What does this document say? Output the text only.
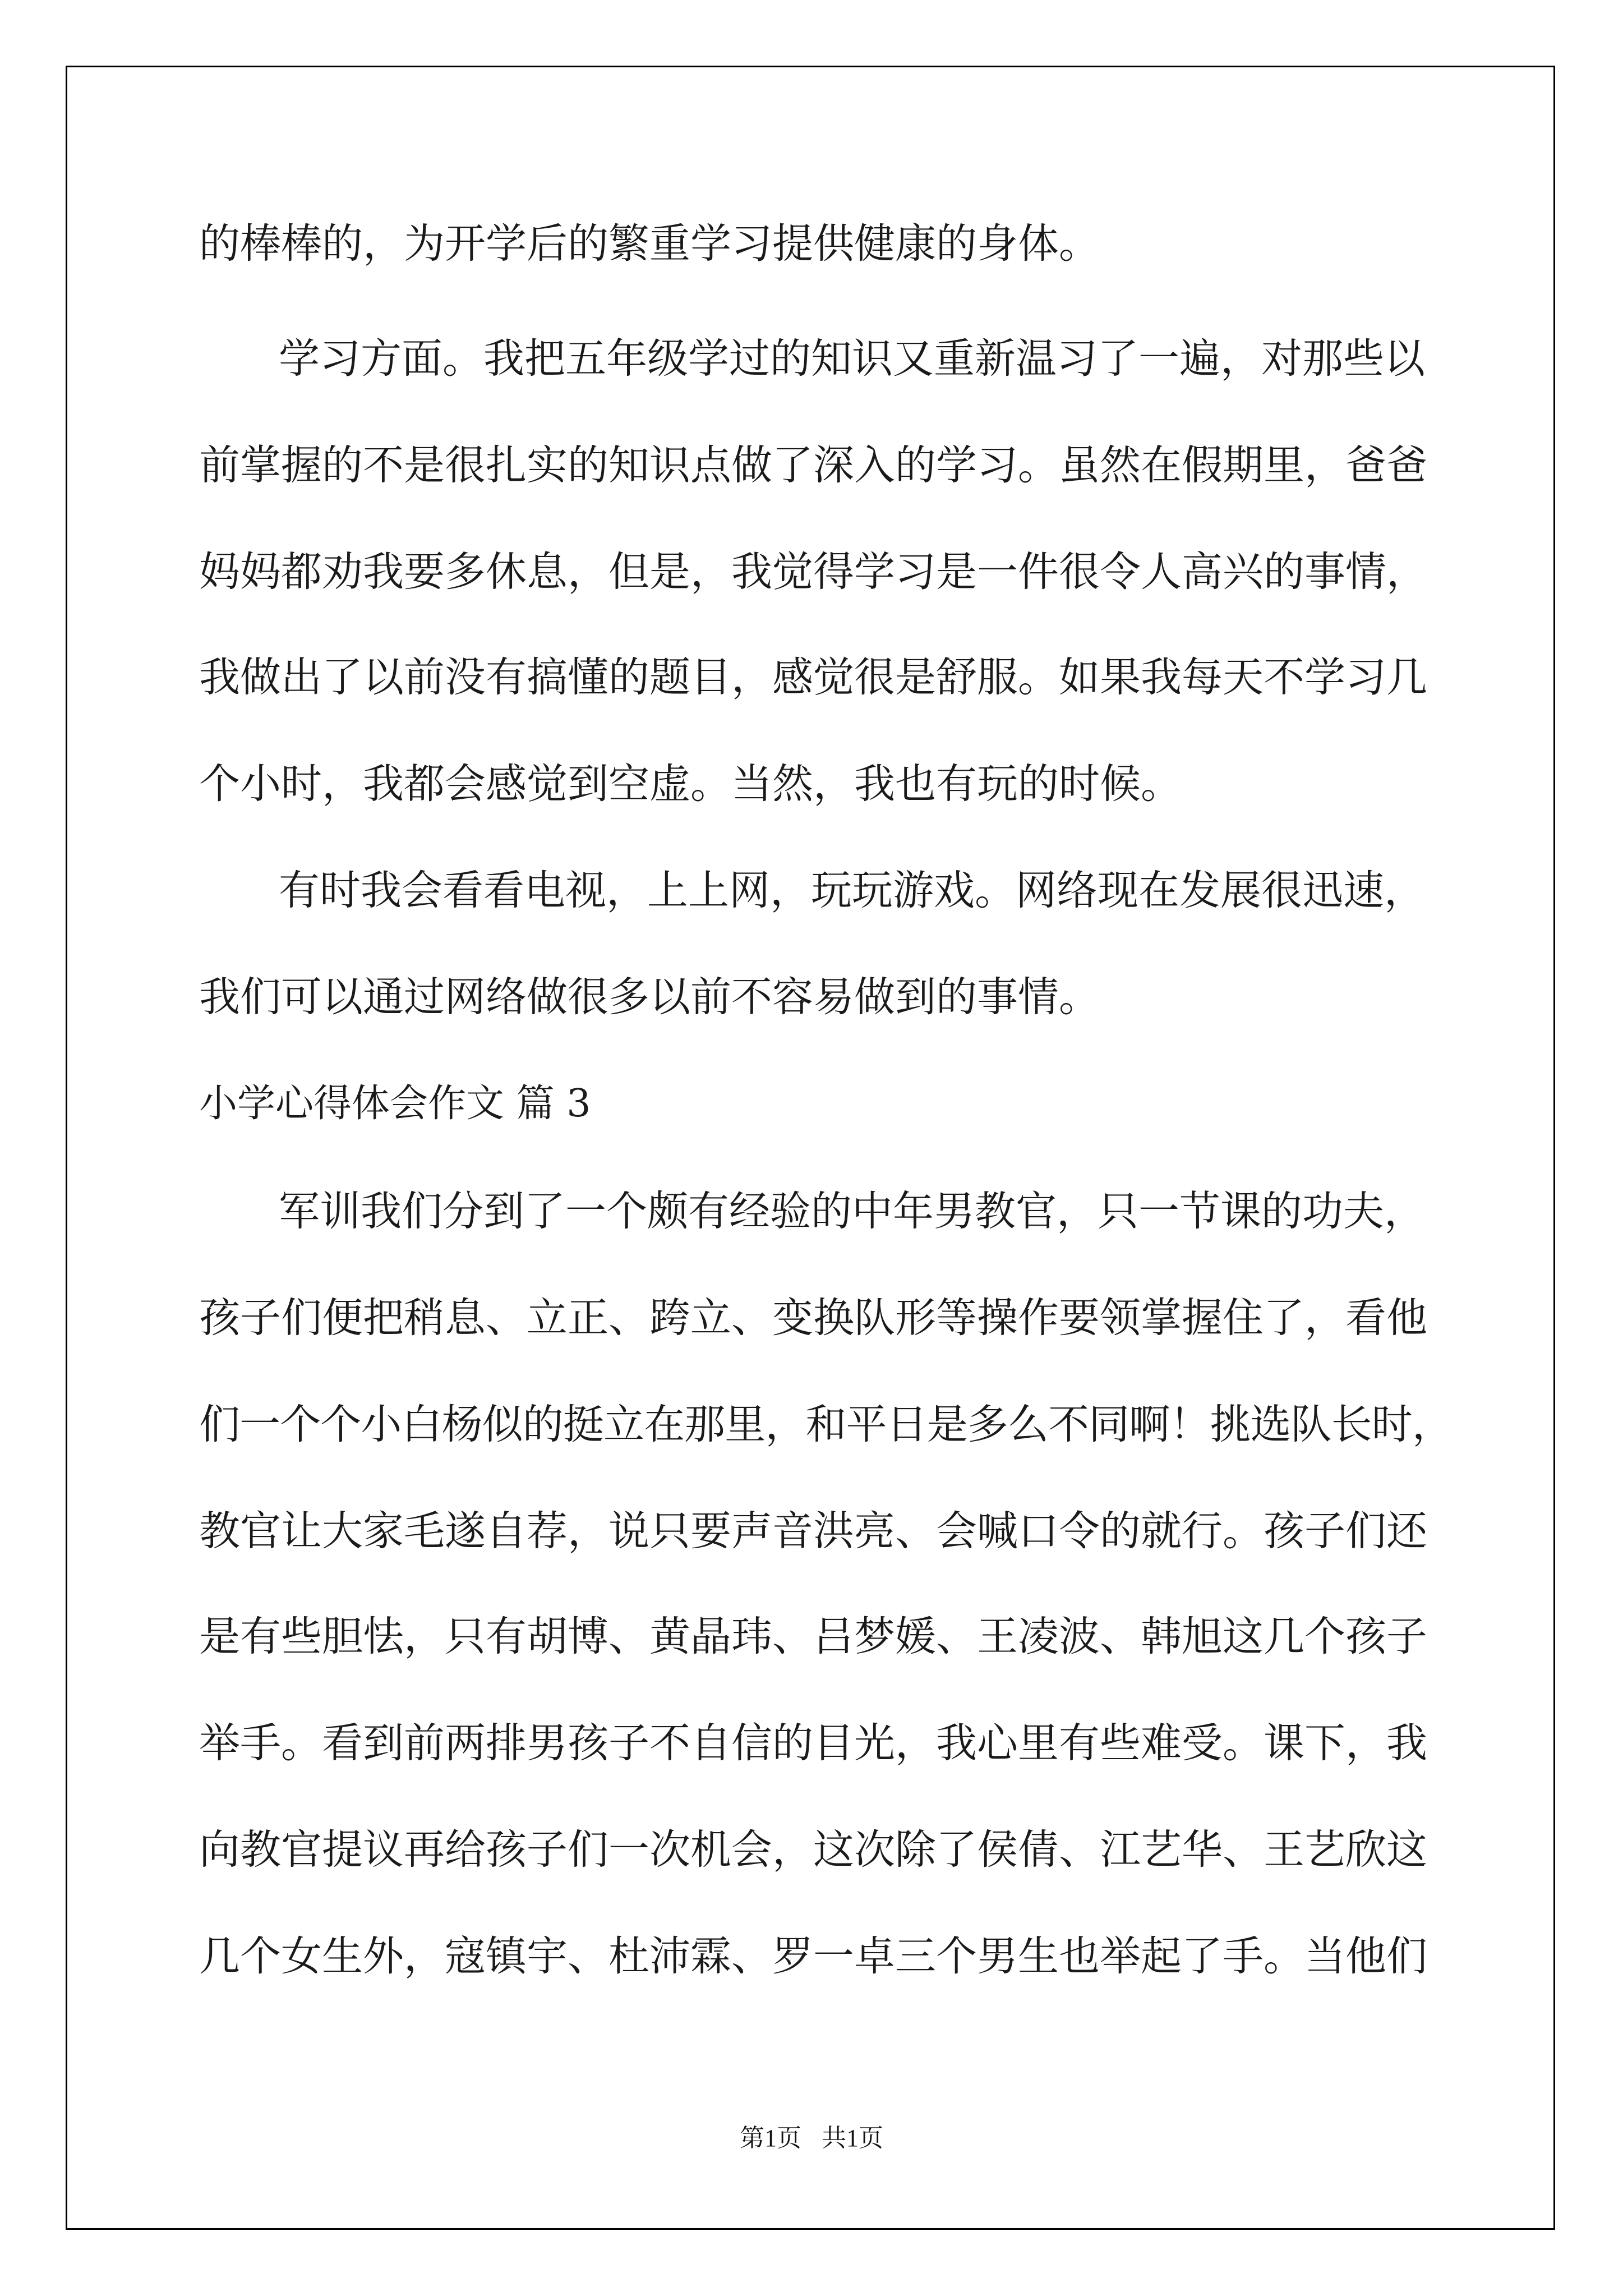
的棒棒的，为开学后的繁重学习提供健康的身体。
学习方面。我把五年级学过的知识又重新温习了一遍，对那些以
前掌握的不是很扎实的知识点做了深入的学习。虽然在假期里，爸爸
妈妈都劝我要多休息，但是，我觉得学习是一件很令人高兴的事情，
我做出了以前没有搞懂的题目，感觉很是舒服。如果我每天不学习几
个小时，我都会感觉到空虚。当然，我也有玩的时候。
有时我会看看电视，上上网，玩玩游戏。网络现在发展很迅速，
我们可以通过网络做很多以前不容易做到的事情。
小学心得体会作文 篇 3
军训我们分到了一个颇有经验的中年男教官，只一节课的功夫，
孩子们便把稍息、立正、跨立、变换队形等操作要领掌握住了，看他
们一个个小白杨似的挺立在那里，和平日是多么不同啊！挑选队长时，
教官让大家毛遂自荐，说只要声音洪亮、会喊口令的就行。孩子们还
是有些胆怯，只有胡博、黄晶玮、吕梦媛、王凌波、韩旭这几个孩子
举手。看到前两排男孩子不自信的目光，我心里有些难受。课下，我
向教官提议再给孩子们一次机会，这次除了侯倩、江艺华、王艺欣这
几个女生外，寇镇宇、杜沛霖、罗一卓三个男生也举起了手。当他们
第1页 共1页
